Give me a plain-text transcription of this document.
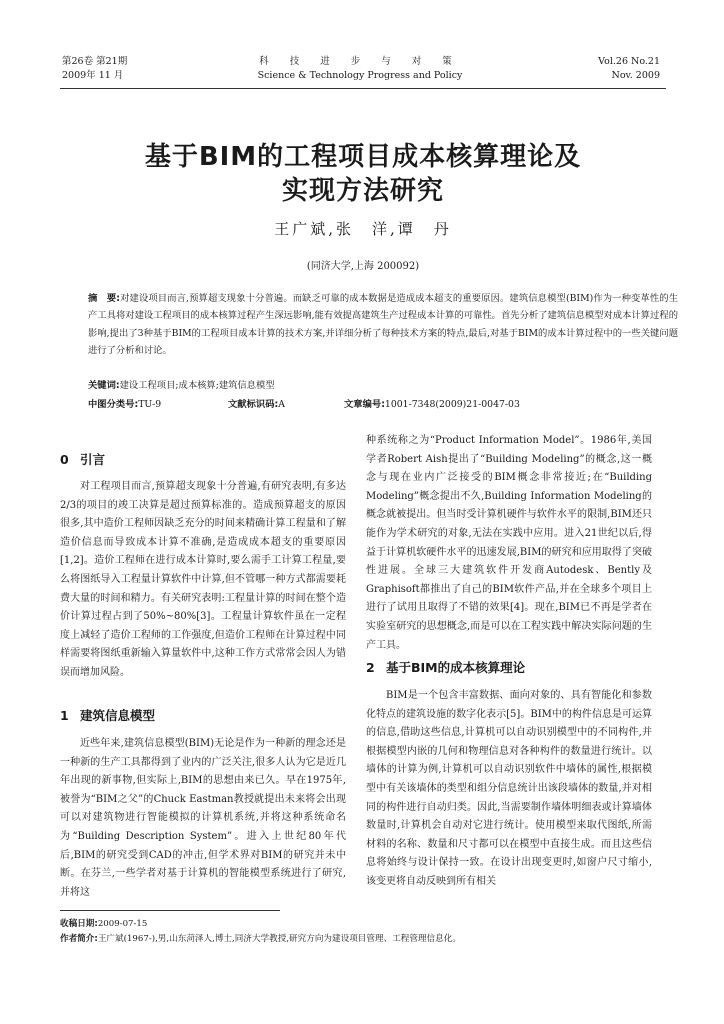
第26卷 第21期
2009年 11 月
科 技 进 步 与 对 策
Science & Technology Progress and Policy
Vol.26 No.21
Nov. 2009
基于BIM的工程项目成本核算理论及
实现方法研究
王广斌,张　洋,谭　丹
(同济大学,上海 200092)
摘　要:对建设项目而言,预算超支现象十分普遍。而缺乏可靠的成本数据是造成成本超支的重要原因。建筑信息模型(BIM)作为一种变革性的生产工具将对建设工程项目的成本核算过程产生深远影响,能有效提高建筑生产过程成本计算的可靠性。首先分析了建筑信息模型对成本计算过程的影响,提出了3种基于BIM的工程项目成本计算的技术方案,并详细分析了每种技术方案的特点,最后,对基于BIM的成本计算过程中的一些关键问题进行了分析和讨论。
关键词:建设工程项目;成本核算;建筑信息模型
中图分类号:TU-9	文献标识码:A	文章编号:1001-7348(2009)21-0047-03
0 引言

对工程项目而言,预算超支现象十分普遍,有研究表明,有多达2/3的项目的竣工决算是超过预算标准的。造成预算超支的原因很多,其中造价工程师因缺乏充分的时间来精确计算工程量和了解造价信息而导致成本计算不准确,是造成成本超支的重要原因[1,2]。造价工程师在进行成本计算时,要么需手工计算工程量,要么将图纸导入工程量计算软件中计算,但不管哪一种方式都需要耗费大量的时间和精力。有关研究表明:工程量计算的时间在整个造价计算过程占到了50%~80%[3]。工程量计算软件虽在一定程度上减轻了造价工程师的工作强度,但造价工程师在计算过程中同样需要将图纸重新输入算量软件中,这种工作方式常常会因人为错误而增加风险。

1 建筑信息模型

近些年来,建筑信息模型(BIM)无论是作为一种新的理念还是一种新的生产工具都得到了业内的广泛关注,很多人认为它是近几年出现的新事物,但实际上,BIM的思想由来已久。早在1975年,被誉为“BIM之父”的Chuck Eastman教授就提出未来将会出现可以对建筑物进行智能模拟的计算机系统,并将这种系统命名为“Building Description System”。进入上世纪80年代后,BIM的研究受到CAD的冲击,但学术界对BIM的研究并未中断。在芬兰,一些学者对基于计算机的智能模型系统进行了研究,并将这

种系统称之为“Product Information Model”。1986年,美国学者Robert Aish提出了“Building Modeling”的概念,这一概念与现在业内广泛接受的BIM概念非常接近;在“Building Modeling”概念提出不久,Building Information Modeling的概念就被提出。但当时受计算机硬件与软件水平的限制,BIM还只能作为学术研究的对象,无法在实践中应用。进入21世纪以后,得益于计算机软硬件水平的迅速发展,BIM的研究和应用取得了突破性进展。全球三大建筑软件开发商Autodesk、Bently及Graphisoft都推出了自己的BIM软件产品,并在全球多个项目上进行了试用且取得了不错的效果[4]。现在,BIM已不再是学者在实验室研究的思想概念,而是可以在工程实践中解决实际问题的生产工具。

2 基于BIM的成本核算理论

BIM是一个包含丰富数据、面向对象的、具有智能化和参数化特点的建筑设施的数字化表示[5]。BIM中的构件信息是可运算的信息,借助这些信息,计算机可以自动识别模型中的不同构件,并根据模型内嵌的几何和物理信息对各种构件的数量进行统计。以墙体的计算为例,计算机可以自动识别软件中墙体的属性,根据模型中有关该墙体的类型和组分信息统计出该段墙体的数量,并对相同的构件进行自动归类。因此,当需要制作墙体明细表或计算墙体数量时,计算机会自动对它进行统计。使用模型来取代图纸,所需材料的名称、数量和尺寸都可以在模型中直接生成。而且这些信息将始终与设计保持一致。在设计出现变更时,如窗户尺寸缩小,该变更将自动反映到所有相关

收稿日期:2009-07-15
作者简介:王广斌(1967-),男,山东菏泽人,博士,同济大学教授,研究方向为建设项目管理、工程管理信息化。
